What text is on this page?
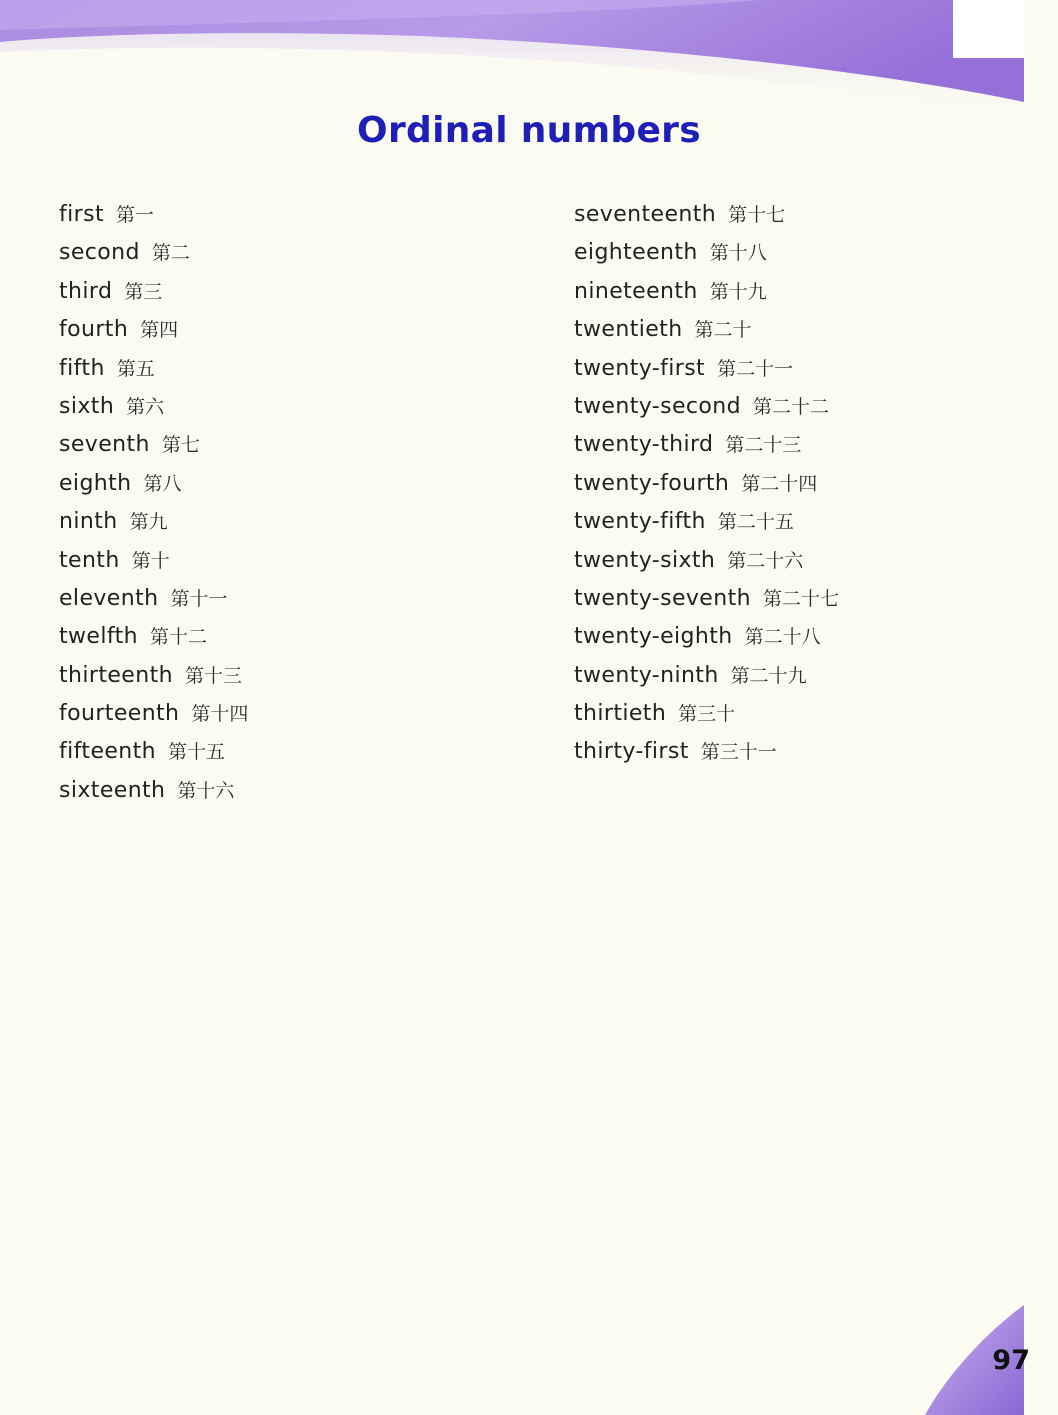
Ordinal numbers
first 第一
second 第二
third 第三
fourth 第四
fifth 第五
sixth 第六
seventh 第七
eighth 第八
ninth 第九
tenth 第十
eleventh 第十一
twelfth 第十二
thirteenth 第十三
fourteenth 第十四
fifteenth 第十五
sixteenth 第十六
seventeenth 第十七
eighteenth 第十八
nineteenth 第十九
twentieth 第二十
twenty-first 第二十一
twenty-second 第二十二
twenty-third 第二十三
twenty-fourth 第二十四
twenty-fifth 第二十五
twenty-sixth 第二十六
twenty-seventh 第二十七
twenty-eighth 第二十八
twenty-ninth 第二十九
thirtieth 第三十
thirty-first 第三十一
97
